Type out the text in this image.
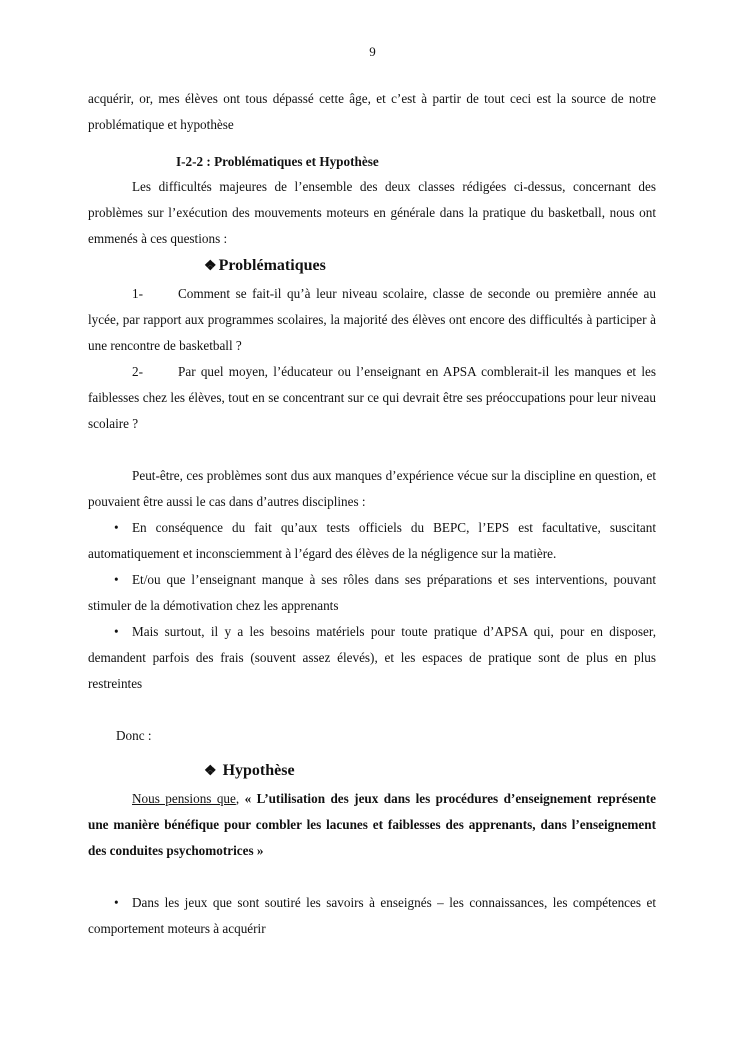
9

acquérir, or, mes élèves ont tous dépassé cette âge, et c’est à partir de tout ceci est la source de notre problématique et hypothèse

I-2-2 : Problématiques et Hypothèse

Les difficultés majeures de l’ensemble des deux classes rédigées ci-dessus, concernant des problèmes sur l’exécution des mouvements moteurs en générale dans la pratique du basketball, nous ont emmenés à ces questions :

❖ Problématiques

1-	Comment se fait-il qu’à leur niveau scolaire, classe de seconde ou première année au lycée, par rapport aux programmes scolaires, la majorité des élèves ont encore des difficultés à participer à une rencontre de basketball ?

2-	Par quel moyen, l’éducateur ou l’enseignant en APSA comblerait-il les manques et les faiblesses chez les élèves, tout en se concentrant sur ce qui devrait être ses préoccupations pour leur niveau scolaire ?

Peut-être, ces problèmes sont dus aux manques d’expérience vécue sur la discipline en question, et pouvaient être aussi le cas dans d’autres disciplines :

• En conséquence du fait qu’aux tests officiels du BEPC, l’EPS est facultative, suscitant automatiquement et inconsciemment à l’égard des élèves de la négligence sur la matière.

• Et/ou que l’enseignant manque à ses rôles dans ses préparations et ses interventions, pouvant stimuler de la démotivation chez les apprenants

• Mais surtout, il y a les besoins matériels pour toute pratique d’APSA qui, pour en disposer, demandent parfois des frais (souvent assez élevés), et les espaces de pratique sont de plus en plus restreintes

Donc :

❖ Hypothèse

Nous pensions que, « L’utilisation des jeux dans les procédures d’enseignement représente une manière bénéfique pour combler les lacunes et faiblesses des apprenants, dans l’enseignement des conduites psychomotrices »

• Dans les jeux que sont soutiré les savoirs à enseignés – les connaissances, les compétences et comportement moteurs à acquérir
